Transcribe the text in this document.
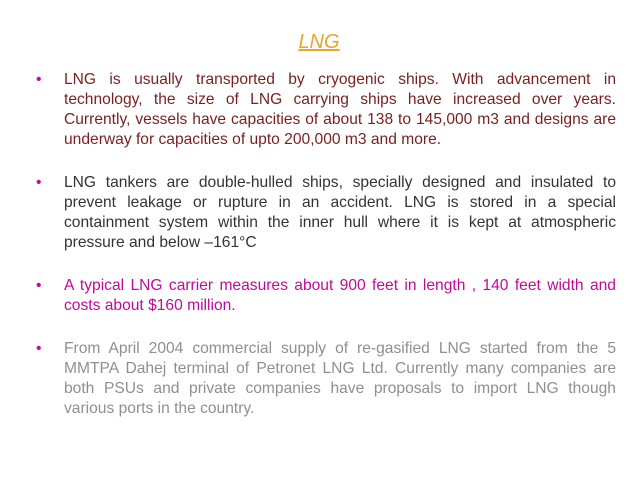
LNG
• LNG is usually transported by cryogenic ships. With advancement in technology, the size of LNG carrying ships have increased over years. Currently, vessels have capacities of about 138 to 145,000 m3 and designs are underway for capacities of upto 200,000 m3 and more.
• LNG tankers are double-hulled ships, specially designed and insulated to prevent leakage or rupture in an accident. LNG is stored in a special containment system within the inner hull where it is kept at atmospheric pressure and below –161°C
• A typical LNG carrier measures about 900 feet in length , 140 feet width and costs about $160 million.
• From April 2004 commercial supply of re-gasified LNG started from the 5 MMTPA Dahej terminal of Petronet LNG Ltd. Currently many companies are both PSUs and private companies have proposals to import LNG though various ports in the country.
